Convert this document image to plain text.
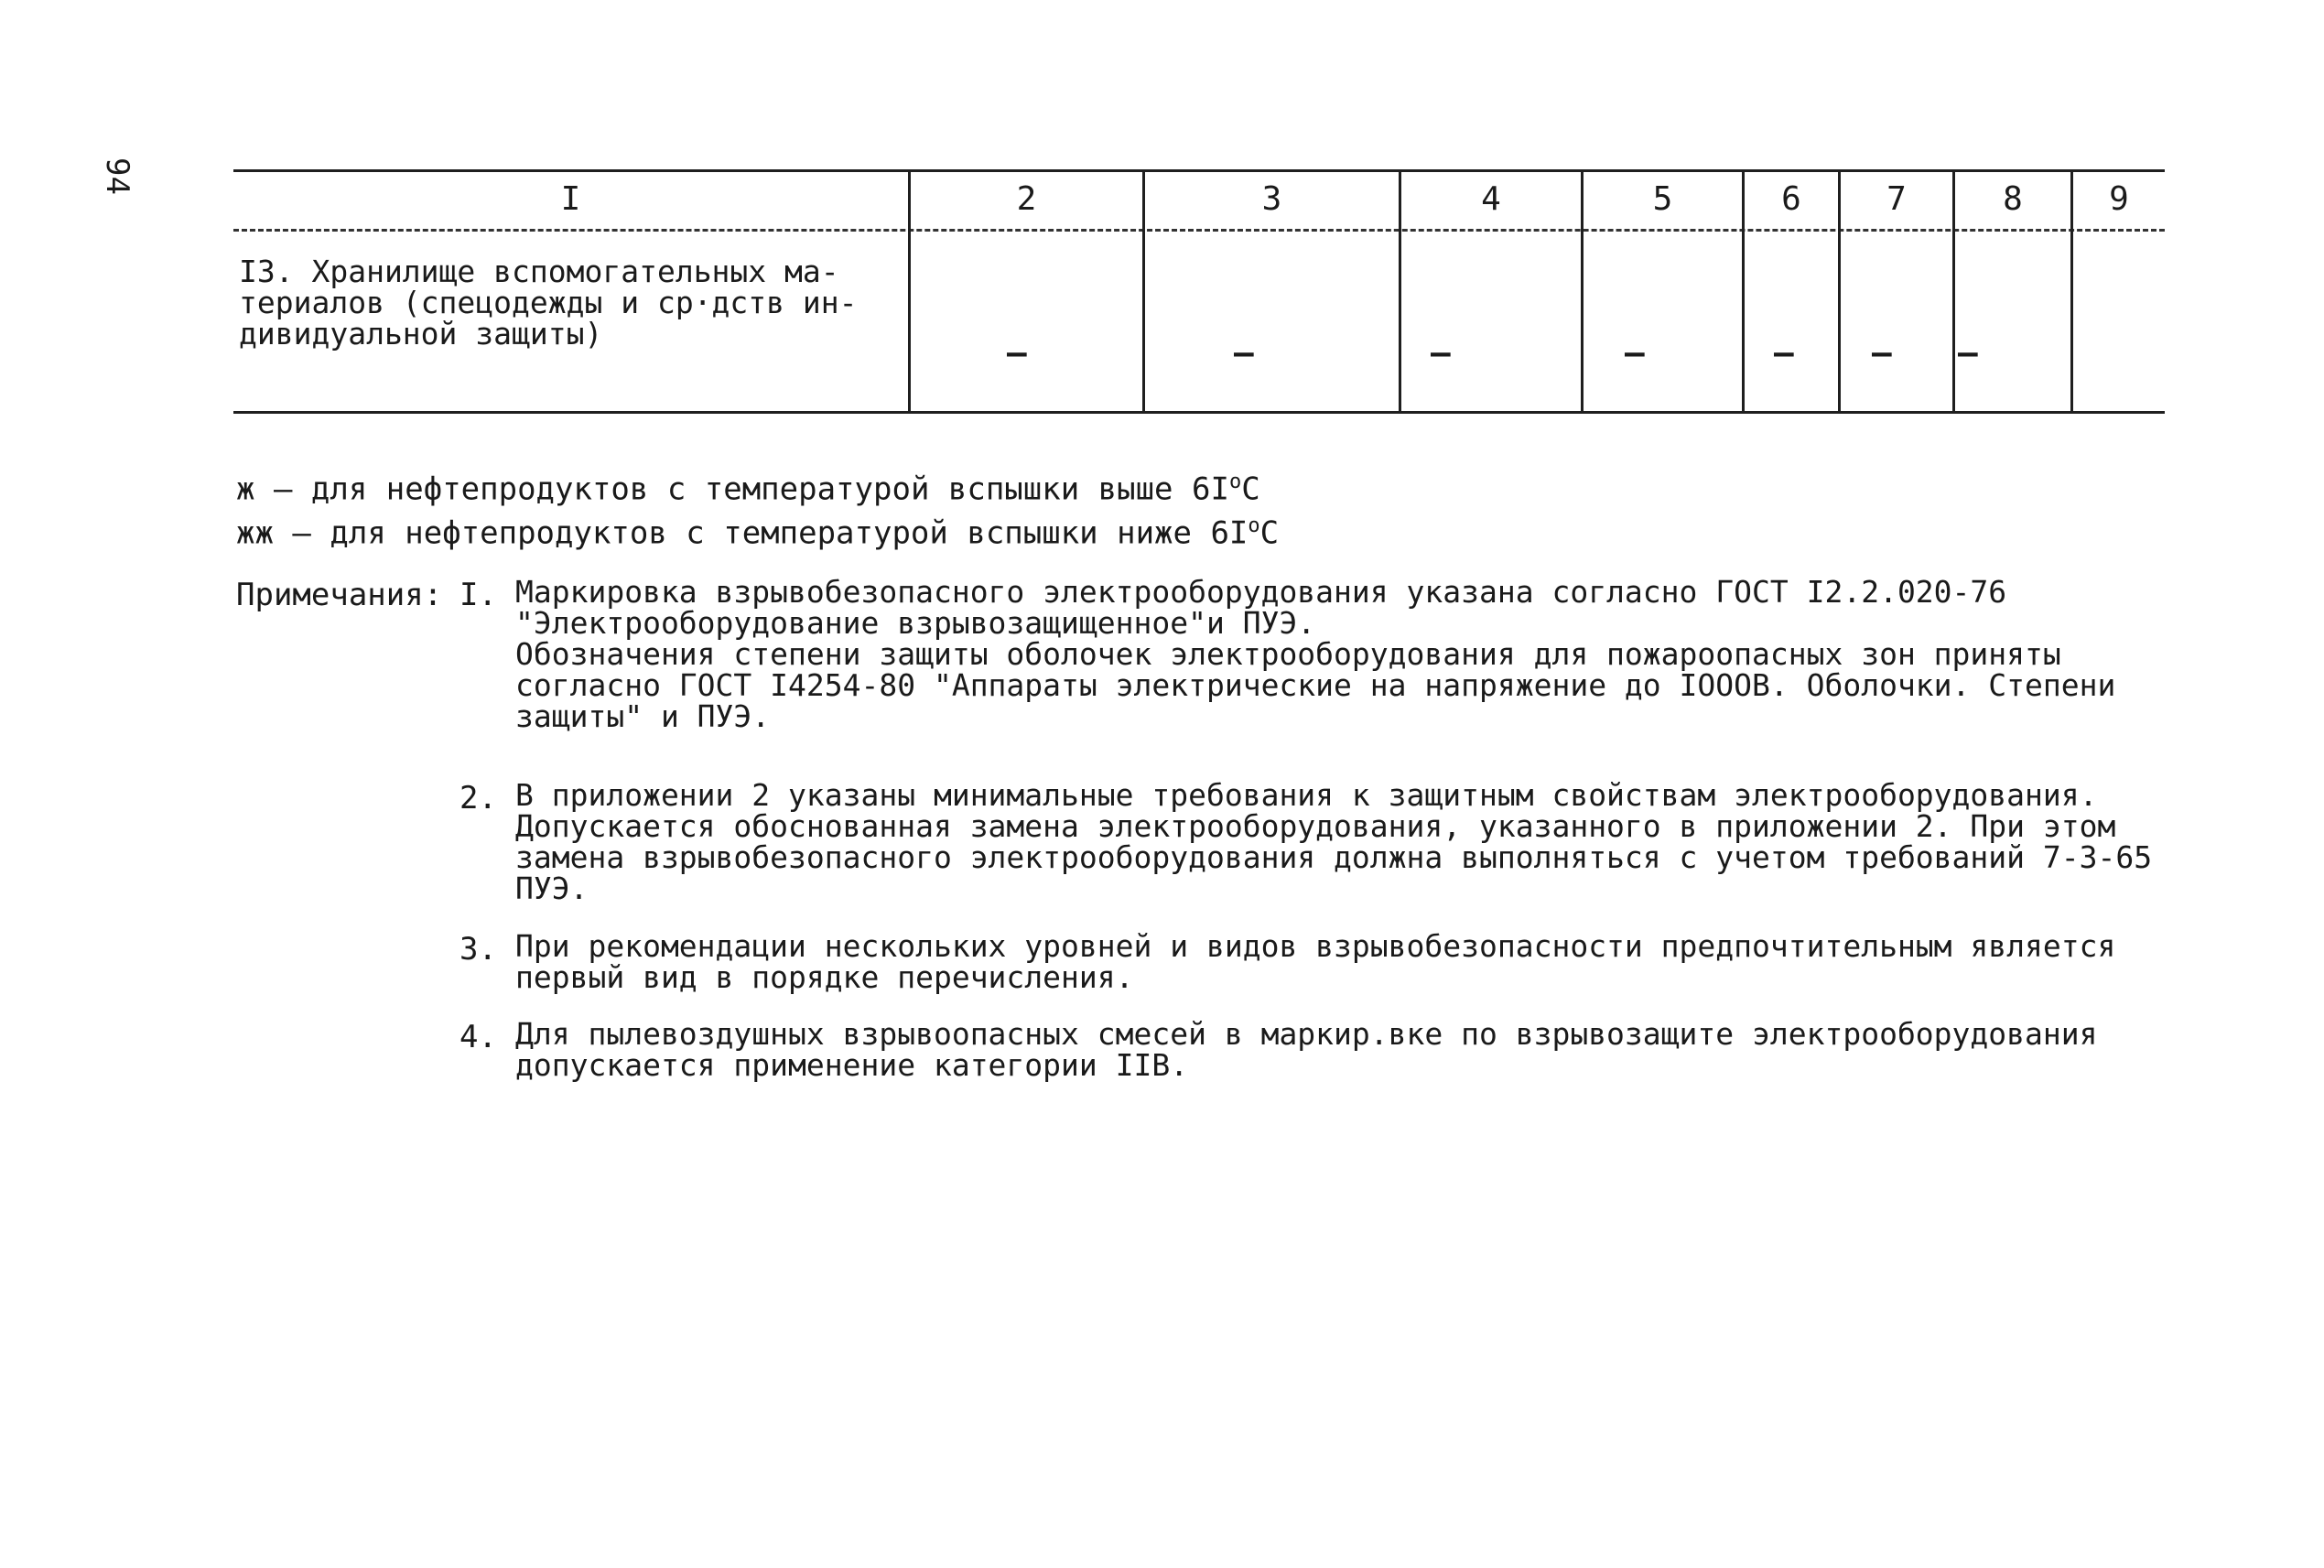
94
I	2	3	4	5	6	7	8	9
I3. Хранилище вспомогательных ма-
териалов (спецодежды и ср·дств ин-
дивидуальной защиты)
–	–	–	–	– – –
ж – для нефтепродуктов с температурой вспышки выше $6I^oC$
жж – для нефтепродуктов с температурой вспышки ниже $6I^oC$
Примечания: I. Маркировка взрывобезопасного электрооборудования указана согласно ГОСТ I2.2.020-76 "Электрооборудование взрывозащищенное"и ПУЭ.

Обозначения степени защиты оболочек электрооборудования для пожароопасных зон приняты согласно ГОСТ I4254-80 "Аппараты электрические на напряжение до IOOOВ. Оболочки. Степени защиты" и ПУЭ.

2. В приложении 2 указаны минимальные требования к защитным свойствам электрооборудования. Допускается обоснованная замена электрооборудования, указанного в приложении 2. При этом замена взрывобезопасного электрооборудования должна выполняться с учетом требований 7-3-65 ПУЭ.

3. При рекомендации нескольких уровней и видов взрывобезопасности предпочтительным является первый вид в порядке перечисления.

4. Для пылевоздушных взрывоопасных смесей в маркир.вке по взрывозащите электрооборудования допускается применение категории IIВ.
